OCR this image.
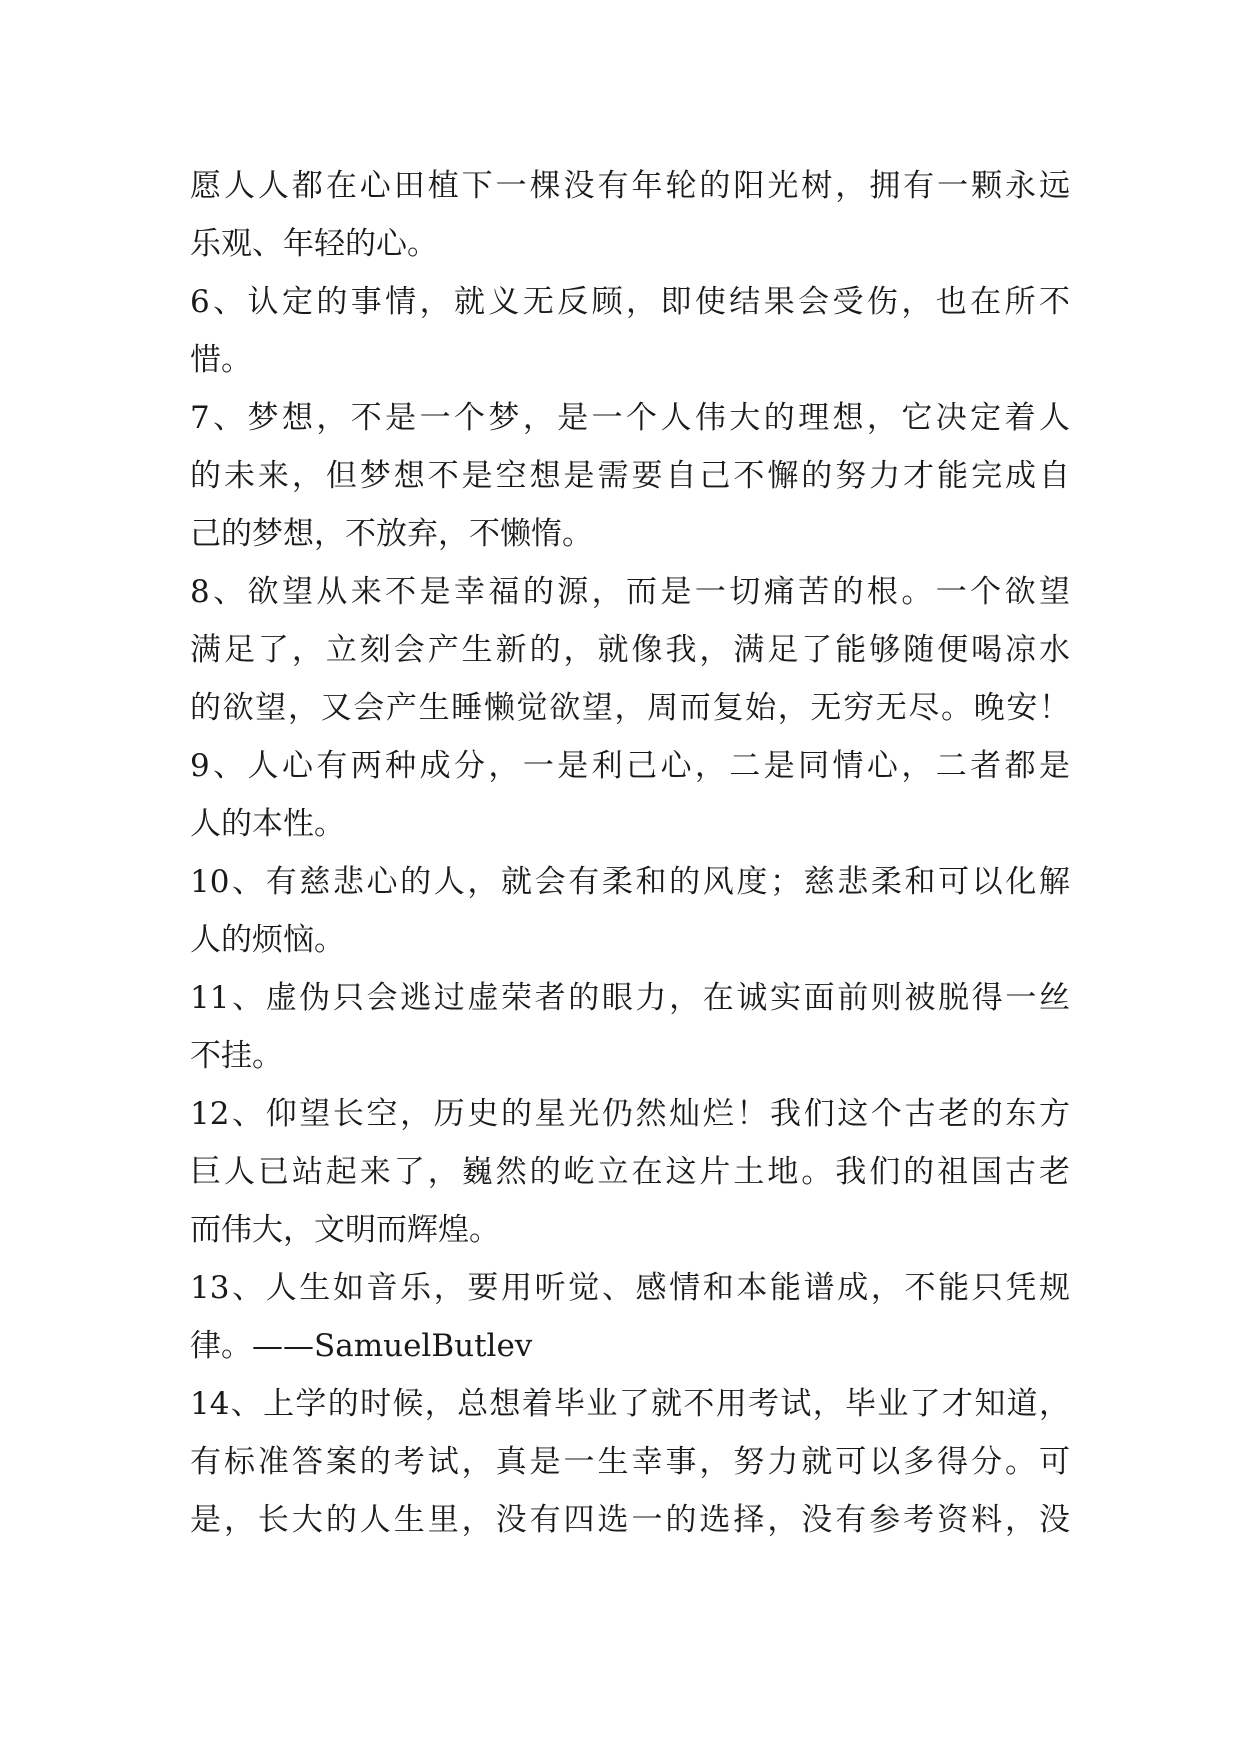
愿人人都在心田植下一棵没有年轮的阳光树，拥有一颗永远
乐观、年轻的心。
6、认定的事情，就义无反顾，即使结果会受伤，也在所不
惜。
7、梦想，不是一个梦，是一个人伟大的理想，它决定着人
的未来，但梦想不是空想是需要自己不懈的努力才能完成自
己的梦想，不放弃，不懒惰。
8、欲望从来不是幸福的源，而是一切痛苦的根。一个欲望
满足了，立刻会产生新的，就像我，满足了能够随便喝凉水
的欲望，又会产生睡懒觉欲望，周而复始，无穷无尽。晚安！
9、人心有两种成分，一是利己心，二是同情心，二者都是
人的本性。
10、有慈悲心的人，就会有柔和的风度；慈悲柔和可以化解
人的烦恼。
11、虚伪只会逃过虚荣者的眼力，在诚实面前则被脱得一丝
不挂。
12、仰望长空，历史的星光仍然灿烂！我们这个古老的东方
巨人已站起来了，巍然的屹立在这片土地。我们的祖国古老
而伟大，文明而辉煌。
13、人生如音乐，要用听觉、感情和本能谱成，不能只凭规
律。——SamuelButlev
14、上学的时候，总想着毕业了就不用考试，毕业了才知道，
有标准答案的考试，真是一生幸事，努力就可以多得分。可
是，长大的人生里，没有四选一的选择，没有参考资料，没
